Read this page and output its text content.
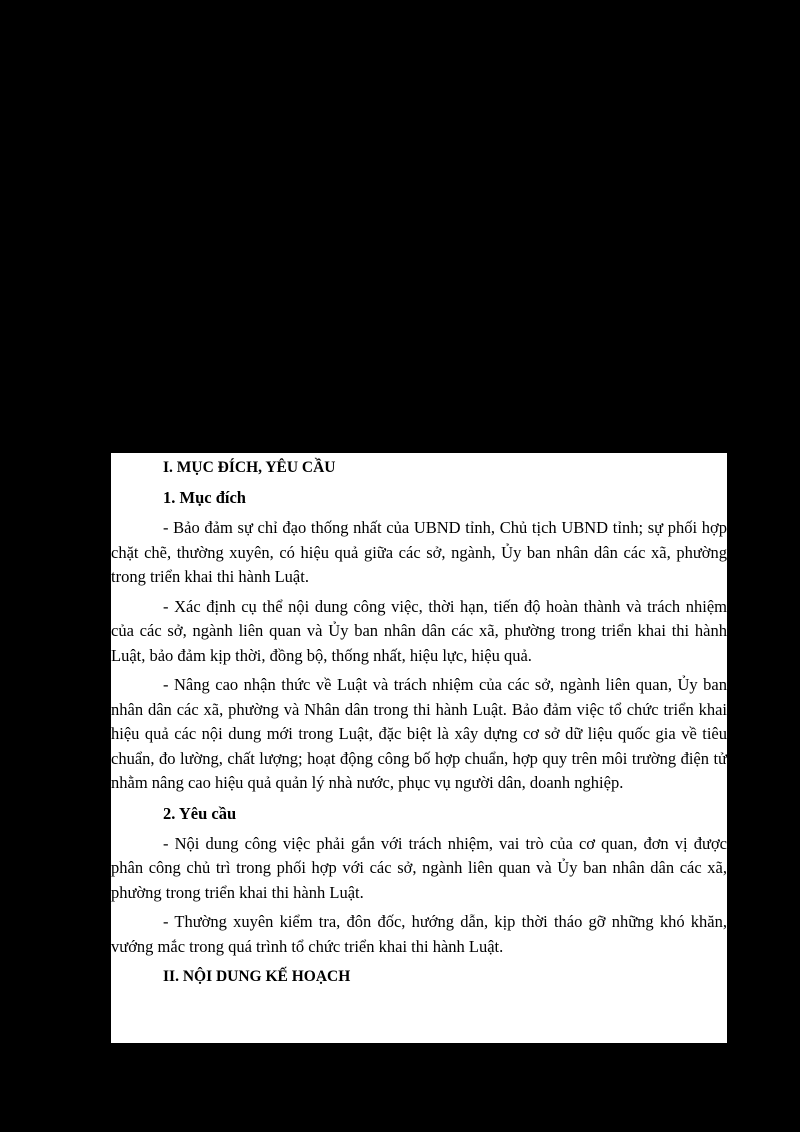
I. MỤC ĐÍCH, YÊU CẦU

1. Mục đích

- Bảo đảm sự chỉ đạo thống nhất của UBND tỉnh, Chủ tịch UBND tỉnh; sự phối hợp chặt chẽ, thường xuyên, có hiệu quả giữa các sở, ngành, Ủy ban nhân dân các xã, phường trong triển khai thi hành Luật.

- Xác định cụ thể nội dung công việc, thời hạn, tiến độ hoàn thành và trách nhiệm của các sở, ngành liên quan và Ủy ban nhân dân các xã, phường trong triển khai thi hành Luật, bảo đảm kịp thời, đồng bộ, thống nhất, hiệu lực, hiệu quả.

- Nâng cao nhận thức về Luật và trách nhiệm của các sở, ngành liên quan, Ủy ban nhân dân các xã, phường và Nhân dân trong thi hành Luật. Bảo đảm việc tổ chức triển khai hiệu quả các nội dung mới trong Luật, đặc biệt là xây dựng cơ sở dữ liệu quốc gia về tiêu chuẩn, đo lường, chất lượng; hoạt động công bố hợp chuẩn, hợp quy trên môi trường điện tử nhằm nâng cao hiệu quả quản lý nhà nước, phục vụ người dân, doanh nghiệp.

2. Yêu cầu

- Nội dung công việc phải gắn với trách nhiệm, vai trò của cơ quan, đơn vị được phân công chủ trì trong phối hợp với các sở, ngành liên quan và Ủy ban nhân dân các xã, phường trong triển khai thi hành Luật.

- Thường xuyên kiểm tra, đôn đốc, hướng dẫn, kịp thời tháo gỡ những khó khăn, vướng mắc trong quá trình tổ chức triển khai thi hành Luật.

II. NỘI DUNG KẾ HOẠCH
